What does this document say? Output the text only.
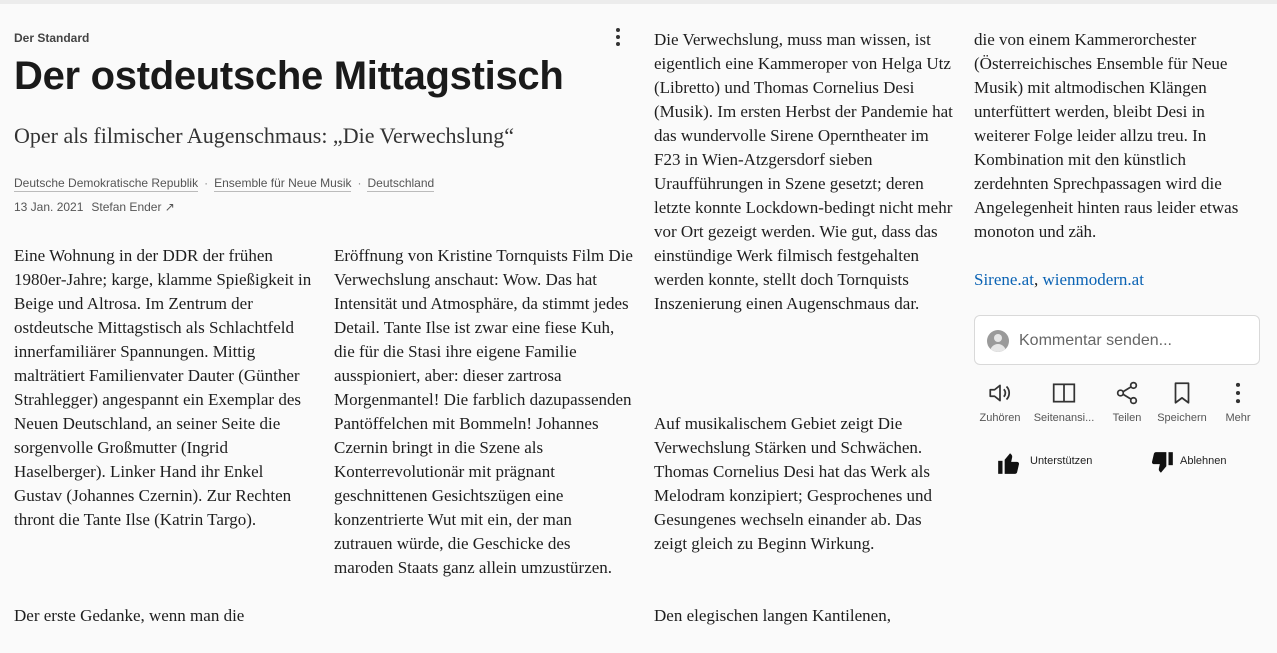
Der Standard
Der ostdeutsche Mittagstisch
Oper als filmischer Augenschmaus: „Die Verwechslung“
Deutsche Demokratische Republik · Ensemble für Neue Musik · Deutschland
13 Jan. 2021 Stefan Ender ↗

Eine Wohnung in der DDR der frühen 1980er-Jahre; karge, klamme Spießigkeit in Beige und Altrosa. Im Zentrum der ostdeutsche Mittagstisch als Schlachtfeld innerfamiliärer Spannungen. Mittig malträtiert Familienvater Dauter (Günther Strahlegger) angespannt ein Exemplar des Neuen Deutschland, an seiner Seite die sorgenvolle Großmutter (Ingrid Haselberger). Linker Hand ihr Enkel Gustav (Johannes Czernin). Zur Rechten thront die Tante Ilse (Katrin Targo).

Der erste Gedanke, wenn man die

Eröffnung von Kristine Tornquists Film Die Verwechslung anschaut: Wow. Das hat Intensität und Atmosphäre, da stimmt jedes Detail. Tante Ilse ist zwar eine fiese Kuh, die für die Stasi ihre eigene Familie ausspioniert, aber: dieser zartrosa Morgenmantel! Die farblich dazupassenden Pantöffelchen mit Bommeln! Johannes Czernin bringt in die Szene als Konterrevolutionär mit prägnant geschnittenen Gesichtszügen eine konzentrierte Wut mit ein, der man zutrauen würde, die Geschicke des maroden Staats ganz allein umzustürzen.

Die Verwechslung, muss man wissen, ist eigentlich eine Kammeroper von Helga Utz (Libretto) und Thomas Cornelius Desi (Musik). Im ersten Herbst der Pandemie hat das wundervolle Sirene Operntheater im F23 in Wien-Atzgersdorf sieben Uraufführungen in Szene gesetzt; deren letzte konnte Lockdown-bedingt nicht mehr vor Ort gezeigt werden. Wie gut, dass das einstündige Werk filmisch festgehalten werden konnte, stellt doch Tornquists Inszenierung einen Augenschmaus dar.

Auf musikalischem Gebiet zeigt Die Verwechslung Stärken und Schwächen. Thomas Cornelius Desi hat das Werk als Melodram konzipiert; Gesprochenes und Gesungenes wechseln einander ab. Das zeigt gleich zu Beginn Wirkung.

Den elegischen langen Kantilenen,

die von einem Kammerorchester (Österreichisches Ensemble für Neue Musik) mit altmodischen Klängen unterfüttert werden, bleibt Desi in weiterer Folge leider allzu treu. In Kombination mit den künstlich zerdehnten Sprechpassagen wird die Angelegenheit hinten raus leider etwas monoton und zäh.

Sirene.at, wienmodern.at

Kommentar senden...
Zuhören	Seitenansi...	Teilen	Speichern	Mehr
Unterstützen	Ablehnen
